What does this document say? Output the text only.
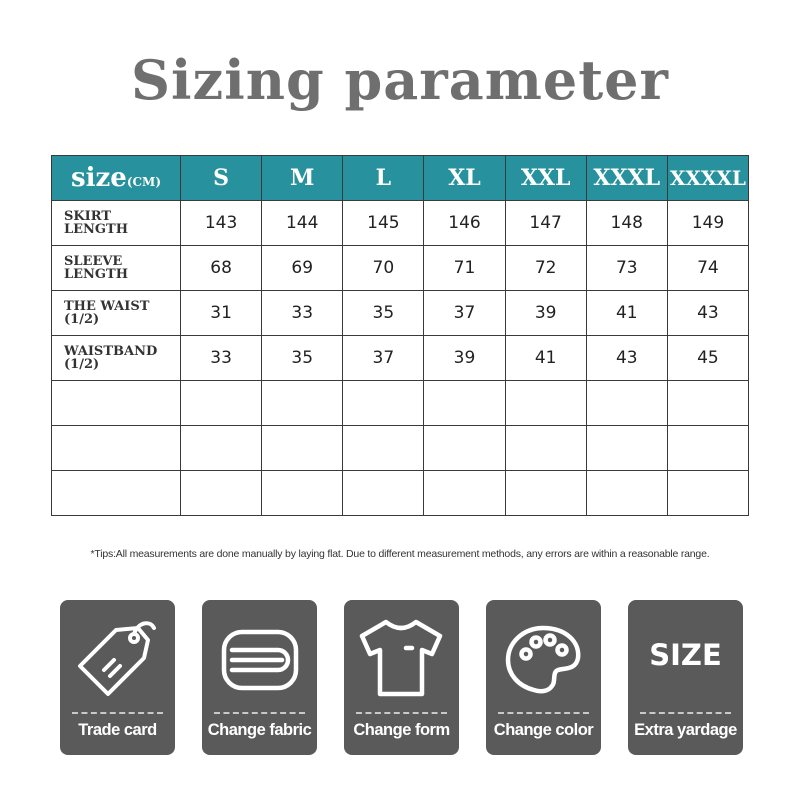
Sizing parameter
size(CM)	S	M	L	XL	XXL	XXXL	XXXXL
SKIRT
LENGTH	143	144	145	146	147	148	149
SLEEVE
LENGTH	68	69	70	71	72	73	74
THE WAIST
(1/2)	31	33	35	37	39	41	43
WAISTBAND
(1/2)	33	35	37	39	41	43	45

*Tips:All measurements are done manually by laying flat. Due to different measurement methods, any errors are within a reasonable range.
Trade card	Change fabric	Change form	Change color
SIZE
Extra yardage
